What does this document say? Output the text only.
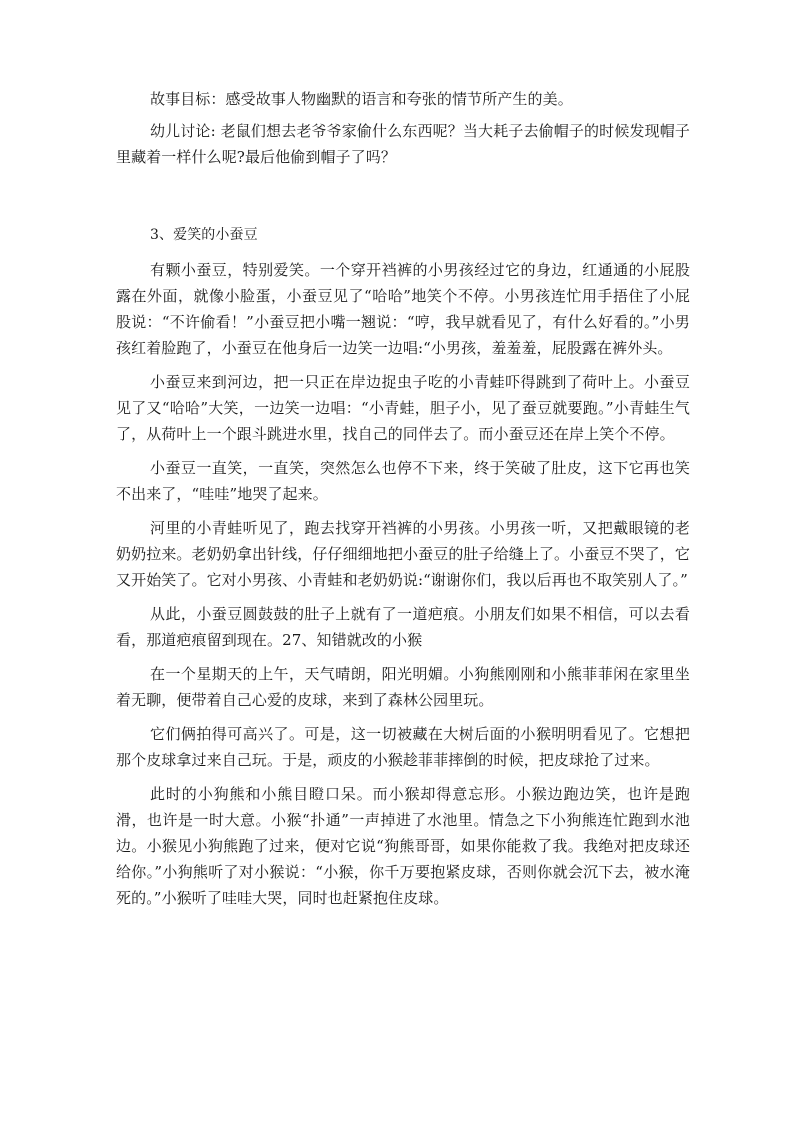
故事目标：感受故事人物幽默的语言和夸张的情节所产生的美。

幼儿讨论: 老鼠们想去老爷爷家偷什么东西呢？当大耗子去偷帽子的时候发现帽子里藏着一样什么呢?最后他偷到帽子了吗？

3、爱笑的小蚕豆

有颗小蚕豆，特别爱笑。一个穿开裆裤的小男孩经过它的身边，红通通的小屁股露在外面，就像小脸蛋，小蚕豆见了“哈哈”地笑个不停。小男孩连忙用手捂住了小屁股说：“不许偷看！”小蚕豆把小嘴一翘说：“哼，我早就看见了，有什么好看的。”小男孩红着脸跑了，小蚕豆在他身后一边笑一边唱:“小男孩，羞羞羞，屁股露在裤外头。

小蚕豆来到河边，把一只正在岸边捉虫子吃的小青蛙吓得跳到了荷叶上。小蚕豆见了又“哈哈”大笑，一边笑一边唱：“小青蛙，胆子小，见了蚕豆就要跑。”小青蛙生气了，从荷叶上一个跟斗跳进水里，找自己的同伴去了。而小蚕豆还在岸上笑个不停。

小蚕豆一直笑，一直笑，突然怎么也停不下来，终于笑破了肚皮，这下它再也笑不出来了，“哇哇”地哭了起来。

河里的小青蛙听见了，跑去找穿开裆裤的小男孩。小男孩一听，又把戴眼镜的老奶奶拉来。老奶奶拿出针线，仔仔细细地把小蚕豆的肚子给缝上了。小蚕豆不哭了，它又开始笑了。它对小男孩、小青蛙和老奶奶说:“谢谢你们，我以后再也不取笑别人了。”

从此，小蚕豆圆鼓鼓的肚子上就有了一道疤痕。小朋友们如果不相信，可以去看看，那道疤痕留到现在。27、知错就改的小猴

在一个星期天的上午，天气晴朗，阳光明媚。小狗熊刚刚和小熊菲菲闲在家里坐着无聊，便带着自己心爱的皮球，来到了森林公园里玩。

它们俩拍得可高兴了。可是，这一切被藏在大树后面的小猴明明看见了。它想把那个皮球拿过来自己玩。于是，顽皮的小猴趁菲菲摔倒的时候，把皮球抢了过来。

此时的小狗熊和小熊目瞪口呆。而小猴却得意忘形。小猴边跑边笑，也许是跑滑，也许是一时大意。小猴“扑通”一声掉进了水池里。情急之下小狗熊连忙跑到水池边。小猴见小狗熊跑了过来，便对它说“狗熊哥哥，如果你能救了我。我绝对把皮球还给你。”小狗熊听了对小猴说：“小猴，你千万要抱紧皮球，否则你就会沉下去，被水淹死的。”小猴听了哇哇大哭，同时也赶紧抱住皮球。
